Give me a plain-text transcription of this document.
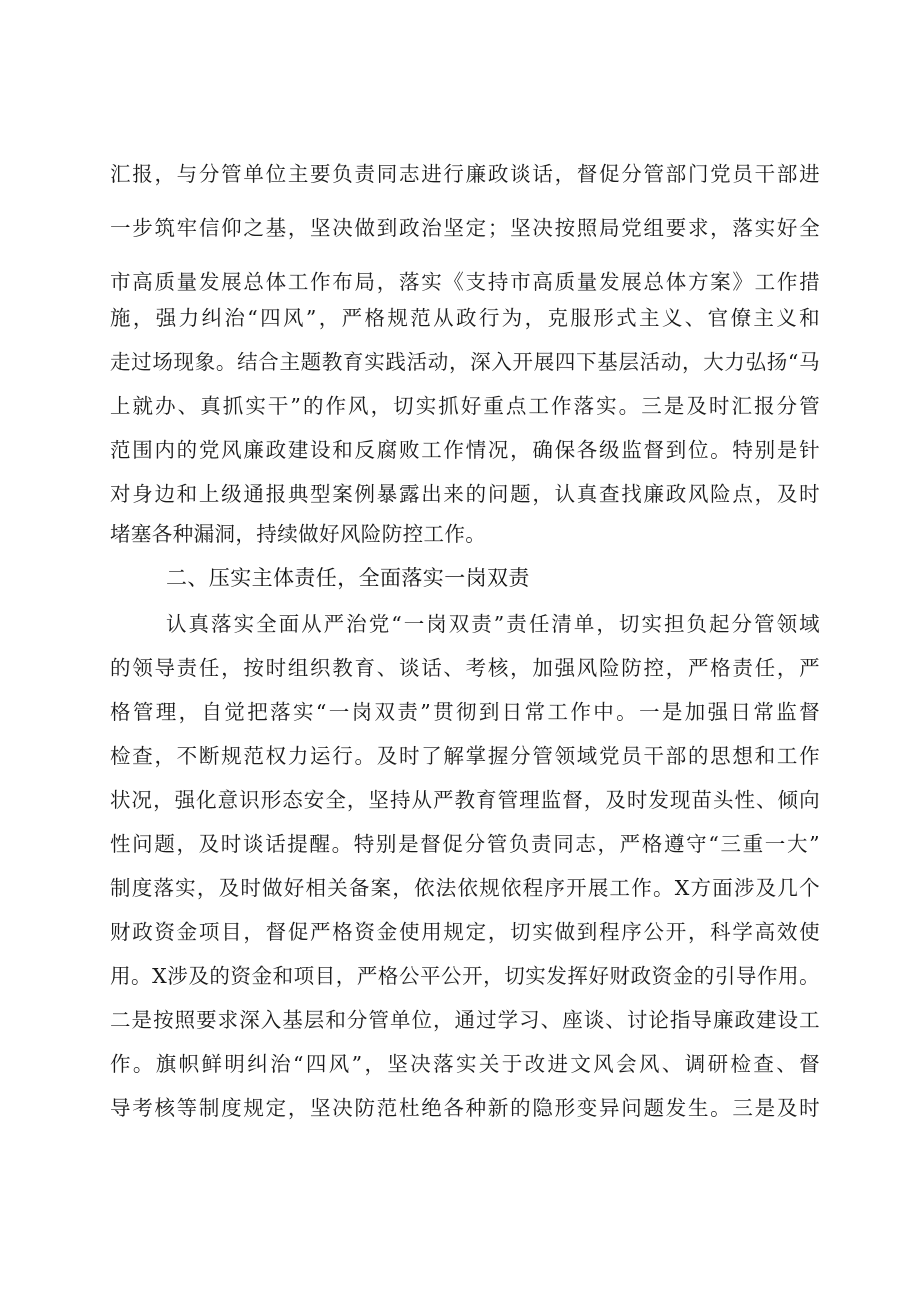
汇报，与分管单位主要负责同志进行廉政谈话，督促分管部门党员干部进
一步筑牢信仰之基，坚决做到政治坚定；坚决按照局党组要求，落实好全
市高质量发展总体工作布局，落实《支持市高质量发展总体方案》工作措
施，强力纠治“四风”，严格规范从政行为，克服形式主义、官僚主义和
走过场现象。结合主题教育实践活动，深入开展四下基层活动，大力弘扬“马
上就办、真抓实干”的作风，切实抓好重点工作落实。三是及时汇报分管
范围内的党风廉政建设和反腐败工作情况，确保各级监督到位。特别是针
对身边和上级通报典型案例暴露出来的问题，认真查找廉政风险点，及时
堵塞各种漏洞，持续做好风险防控工作。
二、压实主体责任，全面落实一岗双责
认真落实全面从严治党“一岗双责”责任清单，切实担负起分管领域
的领导责任，按时组织教育、谈话、考核，加强风险防控，严格责任，严
格管理，自觉把落实“一岗双责”贯彻到日常工作中。一是加强日常监督
检查，不断规范权力运行。及时了解掌握分管领域党员干部的思想和工作
状况，强化意识形态安全，坚持从严教育管理监督，及时发现苗头性、倾向
性问题，及时谈话提醒。特别是督促分管负责同志，严格遵守“三重一大”
制度落实，及时做好相关备案，依法依规依程序开展工作。X方面涉及几个
财政资金项目，督促严格资金使用规定，切实做到程序公开，科学高效使
用。X涉及的资金和项目，严格公平公开，切实发挥好财政资金的引导作用。
二是按照要求深入基层和分管单位，通过学习、座谈、讨论指导廉政建设工
作。旗帜鲜明纠治“四风”，坚决落实关于改进文风会风、调研检查、督
导考核等制度规定，坚决防范杜绝各种新的隐形变异问题发生。三是及时
